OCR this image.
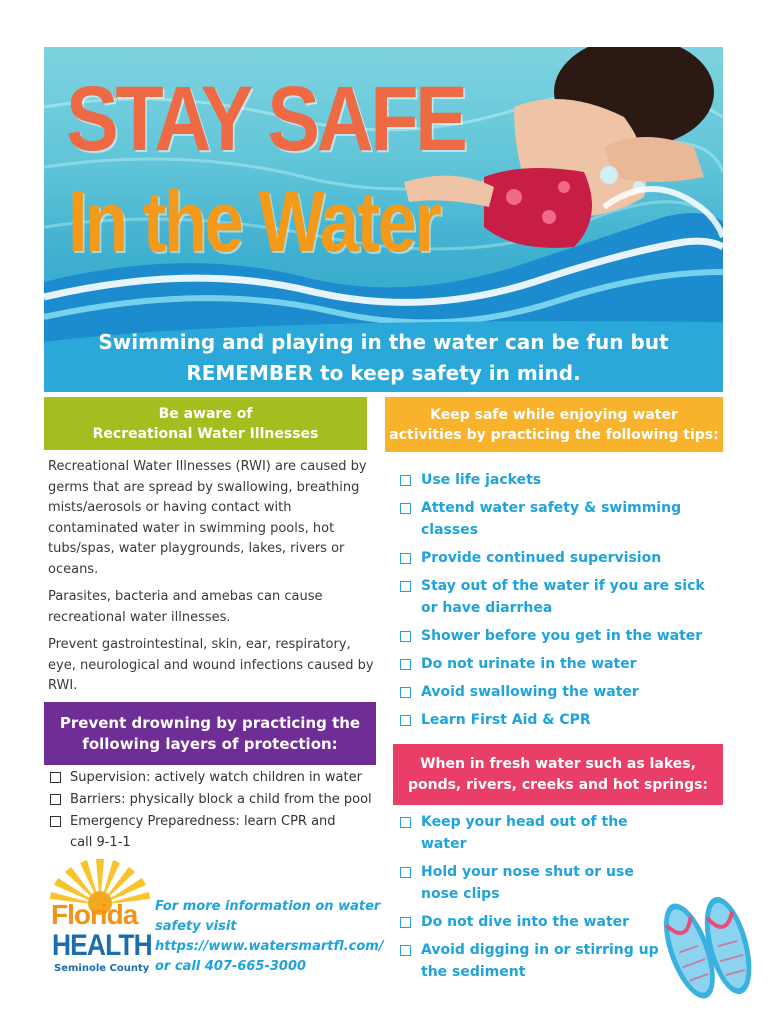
STAY SAFE
In the Water
Swimming and playing in the water can be fun but
REMEMBER to keep safety in mind.
Be aware of
Recreational Water Illnesses
Keep safe while enjoying water
activities by practicing the following tips:
Prevent drowning by practicing the
following layers of protection:
When in fresh water such as lakes,
ponds, rivers, creeks and hot springs:

Recreational Water Illnesses (RWI) are caused by germs that are spread by swallowing, breathing mists/aerosols or having contact with contaminated water in swimming pools, hot tubs/spas, water playgrounds, lakes, rivers or oceans.

Parasites, bacteria and amebas can cause recreational water illnesses.

Prevent gastrointestinal, skin, ear, respiratory, eye, neurological and wound infections caused by RWI.

Use life jackets
Attend water safety & swimming classes
Provide continued supervision
Stay out of the water if you are sick or have diarrhea
Shower before you get in the water
Do not urinate in the water
Avoid swallowing the water
Learn First Aid & CPR
Supervision: actively watch children in water
Barriers: physically block a child from the pool
Emergency Preparedness: learn CPR and call 9-1-1
Keep your head out of the water
Hold your nose shut or use nose clips
Do not dive into the water
Avoid digging in or stirring up the sediment
Florida
HEALTH
Seminole County
For more information on water safety visit
https://www.watersmartfl.com/
or call 407-665-3000
